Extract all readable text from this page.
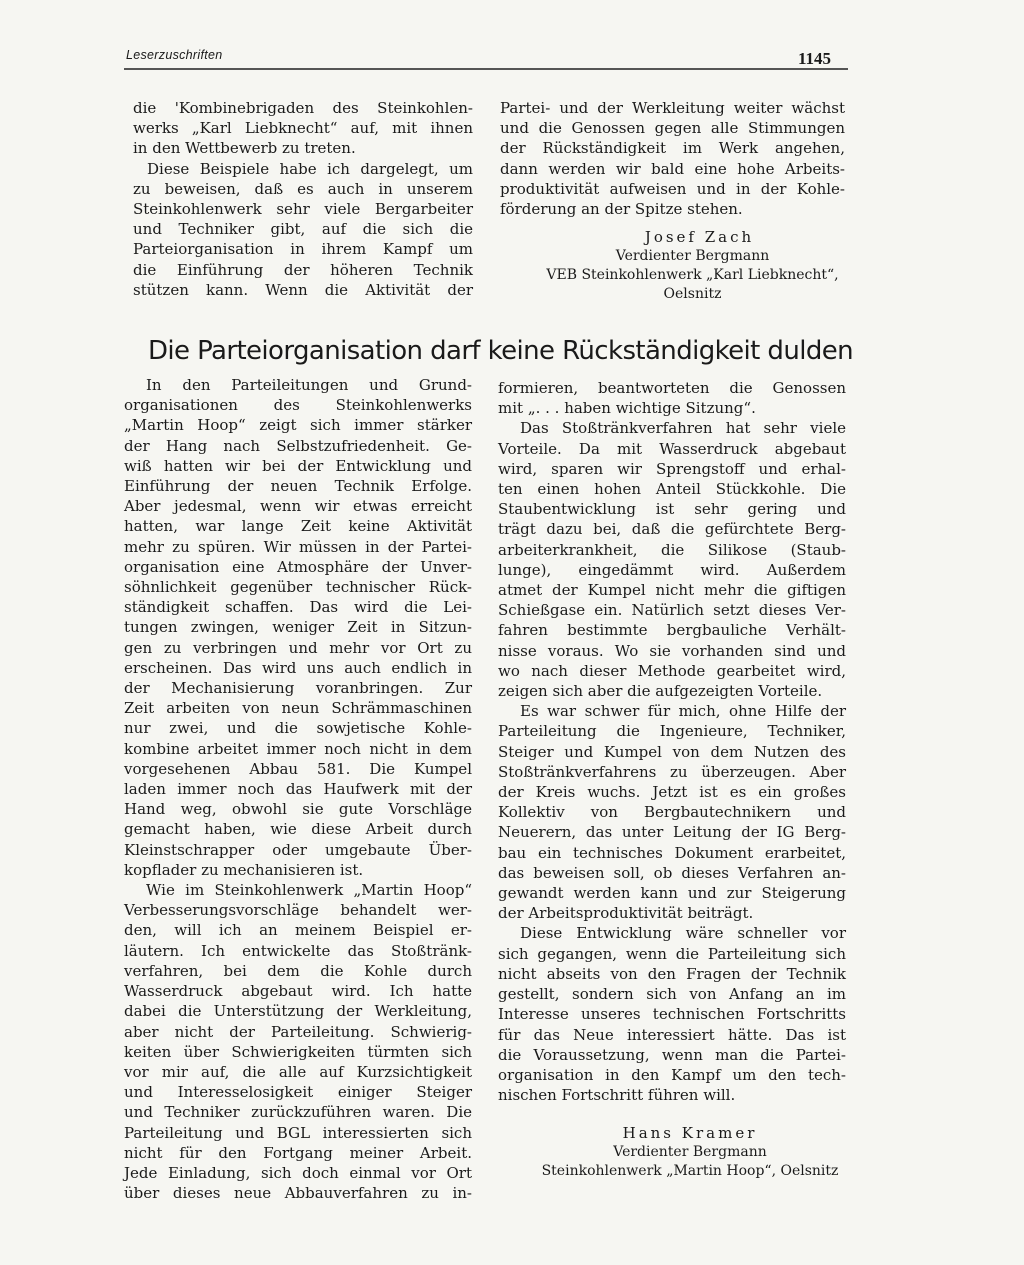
Leserzuschriften	1145
die 'Kombinebrigaden des Steinkohlen-
werks „Karl Liebknecht“ auf, mit ihnen
in den Wettbewerb zu treten.
Diese Beispiele habe ich dargelegt, um
zu beweisen, daß es auch in unserem
Steinkohlenwerk sehr viele Bergarbeiter
und Techniker gibt, auf die sich die
Parteiorganisation in ihrem Kampf um
die Einführung der höheren Technik
stützen kann. Wenn die Aktivität der
Partei- und der Werkleitung weiter wächst
und die Genossen gegen alle Stimmungen
der Rückständigkeit im Werk angehen,
dann werden wir bald eine hohe Arbeits-
produktivität aufweisen und in der Kohle-
förderung an der Spitze stehen.
Josef Zach
Verdienter Bergmann
VEB Steinkohlenwerk „Karl Liebknecht“,
Oelsnitz
Die Parteiorganisation darf keine Rückständigkeit dulden
In den Parteileitungen und Grund-
organisationen des Steinkohlenwerks
„Martin Hoop“ zeigt sich immer stärker
der Hang nach Selbstzufriedenheit. Ge-
wiß hatten wir bei der Entwicklung und
Einführung der neuen Technik Erfolge.
Aber jedesmal, wenn wir etwas erreicht
hatten, war lange Zeit keine Aktivität
mehr zu spüren. Wir müssen in der Partei-
organisation eine Atmosphäre der Unver-
söhnlichkeit gegenüber technischer Rück-
ständigkeit schaffen. Das wird die Lei-
tungen zwingen, weniger Zeit in Sitzun-
gen zu verbringen und mehr vor Ort zu
erscheinen. Das wird uns auch endlich in
der Mechanisierung voranbringen. Zur
Zeit arbeiten von neun Schrämmaschinen
nur zwei, und die sowjetische Kohle-
kombine arbeitet immer noch nicht in dem
vorgesehenen Abbau 581. Die Kumpel
laden immer noch das Haufwerk mit der
Hand weg, obwohl sie gute Vorschläge
gemacht haben, wie diese Arbeit durch
Kleinstschrapper oder umgebaute Über-
kopflader zu mechanisieren ist.
Wie im Steinkohlenwerk „Martin Hoop“
Verbesserungsvorschläge behandelt wer-
den, will ich an meinem Beispiel er-
läutern. Ich entwickelte das Stoßtränk-
verfahren, bei dem die Kohle durch
Wasserdruck abgebaut wird. Ich hatte
dabei die Unterstützung der Werkleitung,
aber nicht der Parteileitung. Schwierig-
keiten über Schwierigkeiten türmten sich
vor mir auf, die alle auf Kurzsichtigkeit
und Interesselosigkeit einiger Steiger
und Techniker zurückzuführen waren. Die
Parteileitung und BGL interessierten sich
nicht für den Fortgang meiner Arbeit.
Jede Einladung, sich doch einmal vor Ort
über dieses neue Abbauverfahren zu in-
formieren, beantworteten die Genossen
mit „. . . haben wichtige Sitzung“.
Das Stoßtränkverfahren hat sehr viele
Vorteile. Da mit Wasserdruck abgebaut
wird, sparen wir Sprengstoff und erhal-
ten einen hohen Anteil Stückkohle. Die
Staubentwicklung ist sehr gering und
trägt dazu bei, daß die gefürchtete Berg-
arbeiterkrankheit, die Silikose (Staub-
lunge), eingedämmt wird. Außerdem
atmet der Kumpel nicht mehr die giftigen
Schießgase ein. Natürlich setzt dieses Ver-
fahren bestimmte bergbauliche Verhält-
nisse voraus. Wo sie vorhanden sind und
wo nach dieser Methode gearbeitet wird,
zeigen sich aber die aufgezeigten Vorteile.
Es war schwer für mich, ohne Hilfe der
Parteileitung die Ingenieure, Techniker,
Steiger und Kumpel von dem Nutzen des
Stoßtränkverfahrens zu überzeugen. Aber
der Kreis wuchs. Jetzt ist es ein großes
Kollektiv von Bergbautechnikern und
Neuerern, das unter Leitung der IG Berg-
bau ein technisches Dokument erarbeitet,
das beweisen soll, ob dieses Verfahren an-
gewandt werden kann und zur Steigerung
der Arbeitsproduktivität beiträgt.
Diese Entwicklung wäre schneller vor
sich gegangen, wenn die Parteileitung sich
nicht abseits von den Fragen der Technik
gestellt, sondern sich von Anfang an im
Interesse unseres technischen Fortschritts
für das Neue interessiert hätte. Das ist
die Voraussetzung, wenn man die Partei-
organisation in den Kampf um den tech-
nischen Fortschritt führen will.
Hans Kramer
Verdienter Bergmann
Steinkohlenwerk „Martin Hoop“, Oelsnitz
